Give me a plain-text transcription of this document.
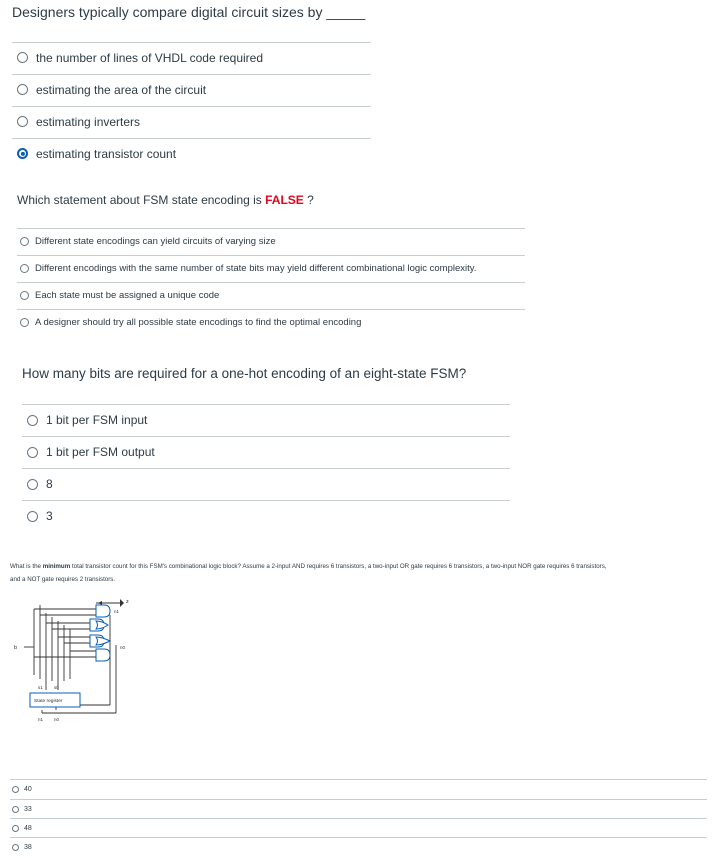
Designers typically compare digital circuit sizes by _____
the number of lines of VHDL code required
estimating the area of the circuit
estimating inverters
estimating transistor count
Which statement about FSM state encoding is FALSE ?
Different state encodings can yield circuits of varying size
Different encodings with the same number of state bits may yield different combinational logic complexity.
Each state must be assigned a unique code
A designer should try all possible state encodings to find the optimal encoding
How many bits are required for a one-hot encoding of an eight-state FSM?
1 bit per FSM input
1 bit per FSM output
8
3
What is the minimum total transistor count for this FSM's combinational logic block? Assume a 2-input AND requires 6 transistors, a two-input OR gate requires 6 transistors, a two-input NOR gate requires 6 transistors,
and a NOT gate requires 2 transistors.
b
z
n1
n0
s1 s0
State register
n1 n0
40
33
48
38
